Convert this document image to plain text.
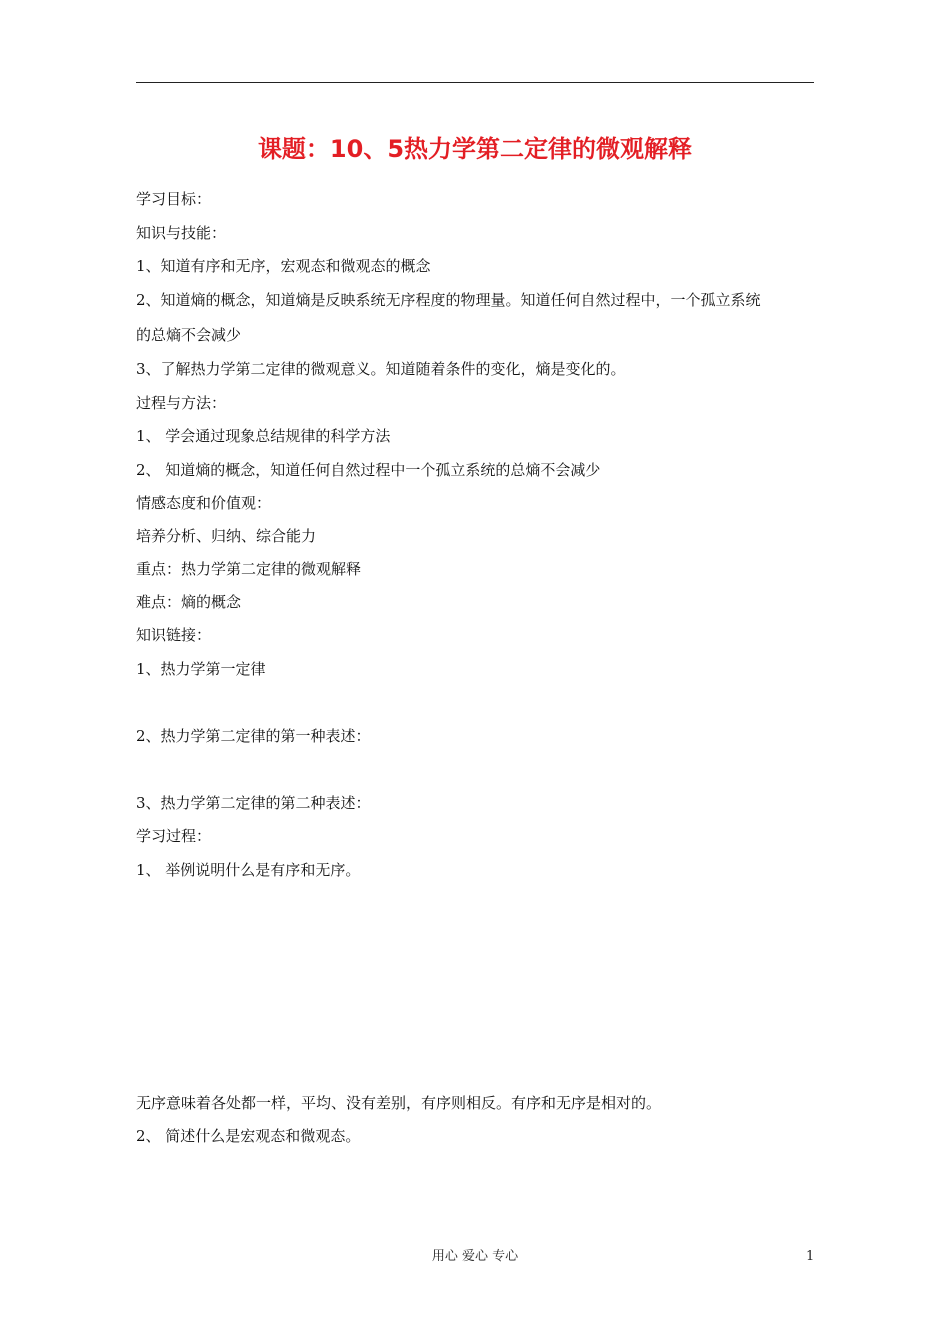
课题：10、5热力学第二定律的微观解释
学习目标：
知识与技能：
1、知道有序和无序，宏观态和微观态的概念
2、知道熵的概念，知道熵是反映系统无序程度的物理量。知道任何自然过程中，一个孤立系统
的总熵不会减少
3、了解热力学第二定律的微观意义。知道随着条件的变化，熵是变化的。
过程与方法：
1、 学会通过现象总结规律的科学方法
2、 知道熵的概念，知道任何自然过程中一个孤立系统的总熵不会减少
情感态度和价值观：
培养分析、归纳、综合能力
重点：热力学第二定律的微观解释
难点：熵的概念
知识链接：
1、热力学第一定律
2、热力学第二定律的第一种表述：
3、热力学第二定律的第二种表述：
学习过程：
1、 举例说明什么是有序和无序。
无序意味着各处都一样，平均、没有差别，有序则相反。有序和无序是相对的。
2、 简述什么是宏观态和微观态。
用心 爱心 专心	1
